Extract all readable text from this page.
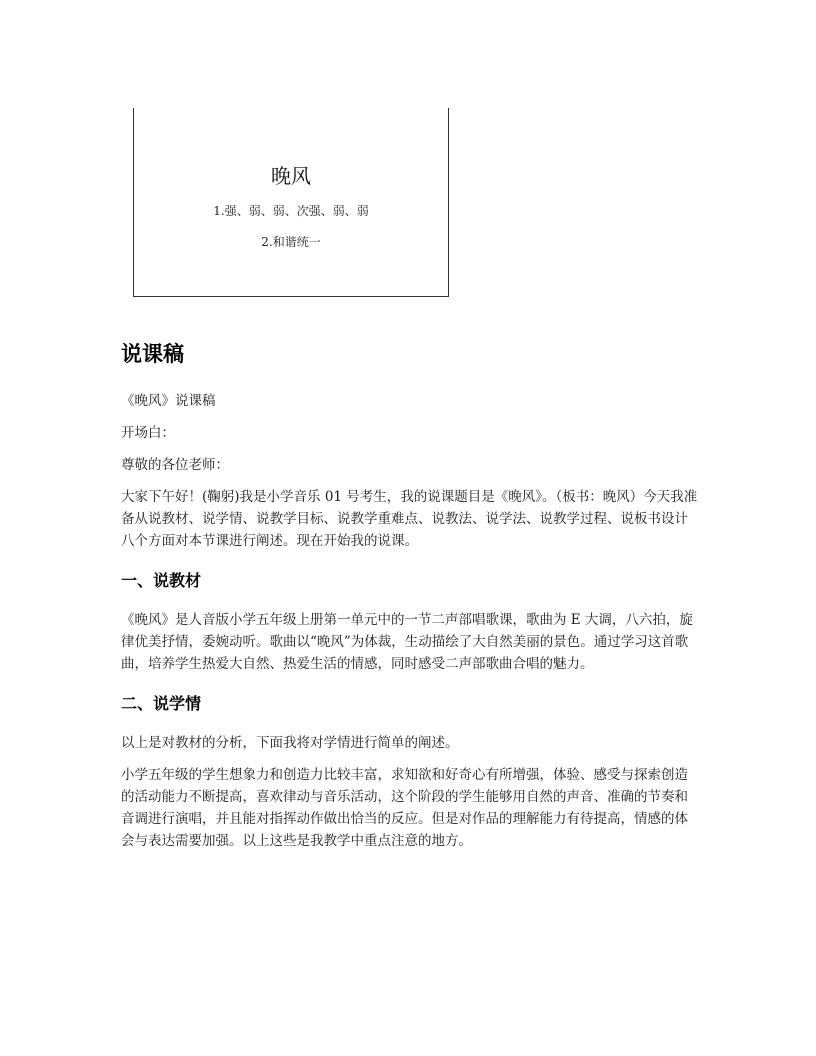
晚风
1.强、弱、弱、次强、弱、弱
2.和谐统一
说课稿

《晚风》说课稿

开场白：

尊敬的各位老师：

大家下午好！(鞠躬)我是小学音乐 01 号考生，我的说课题目是《晚风》。（板书：晚风）今天我准备从说教材、说学情、说教学目标、说教学重难点、说教法、说学法、说教学过程、说板书设计八个方面对本节课进行阐述。现在开始我的说课。

一、说教材

《晚风》是人音版小学五年级上册第一单元中的一节二声部唱歌课，歌曲为 E 大调，八六拍，旋律优美抒情，委婉动听。歌曲以“晚风”为体裁，生动描绘了大自然美丽的景色。通过学习这首歌曲，培养学生热爱大自然、热爱生活的情感，同时感受二声部歌曲合唱的魅力。

二、说学情

以上是对教材的分析，下面我将对学情进行简单的阐述。

小学五年级的学生想象力和创造力比较丰富，求知欲和好奇心有所增强，体验、感受与探索创造的活动能力不断提高，喜欢律动与音乐活动，这个阶段的学生能够用自然的声音、准确的节奏和音调进行演唱，并且能对指挥动作做出恰当的反应。但是对作品的理解能力有待提高，情感的体会与表达需要加强。以上这些是我教学中重点注意的地方。
